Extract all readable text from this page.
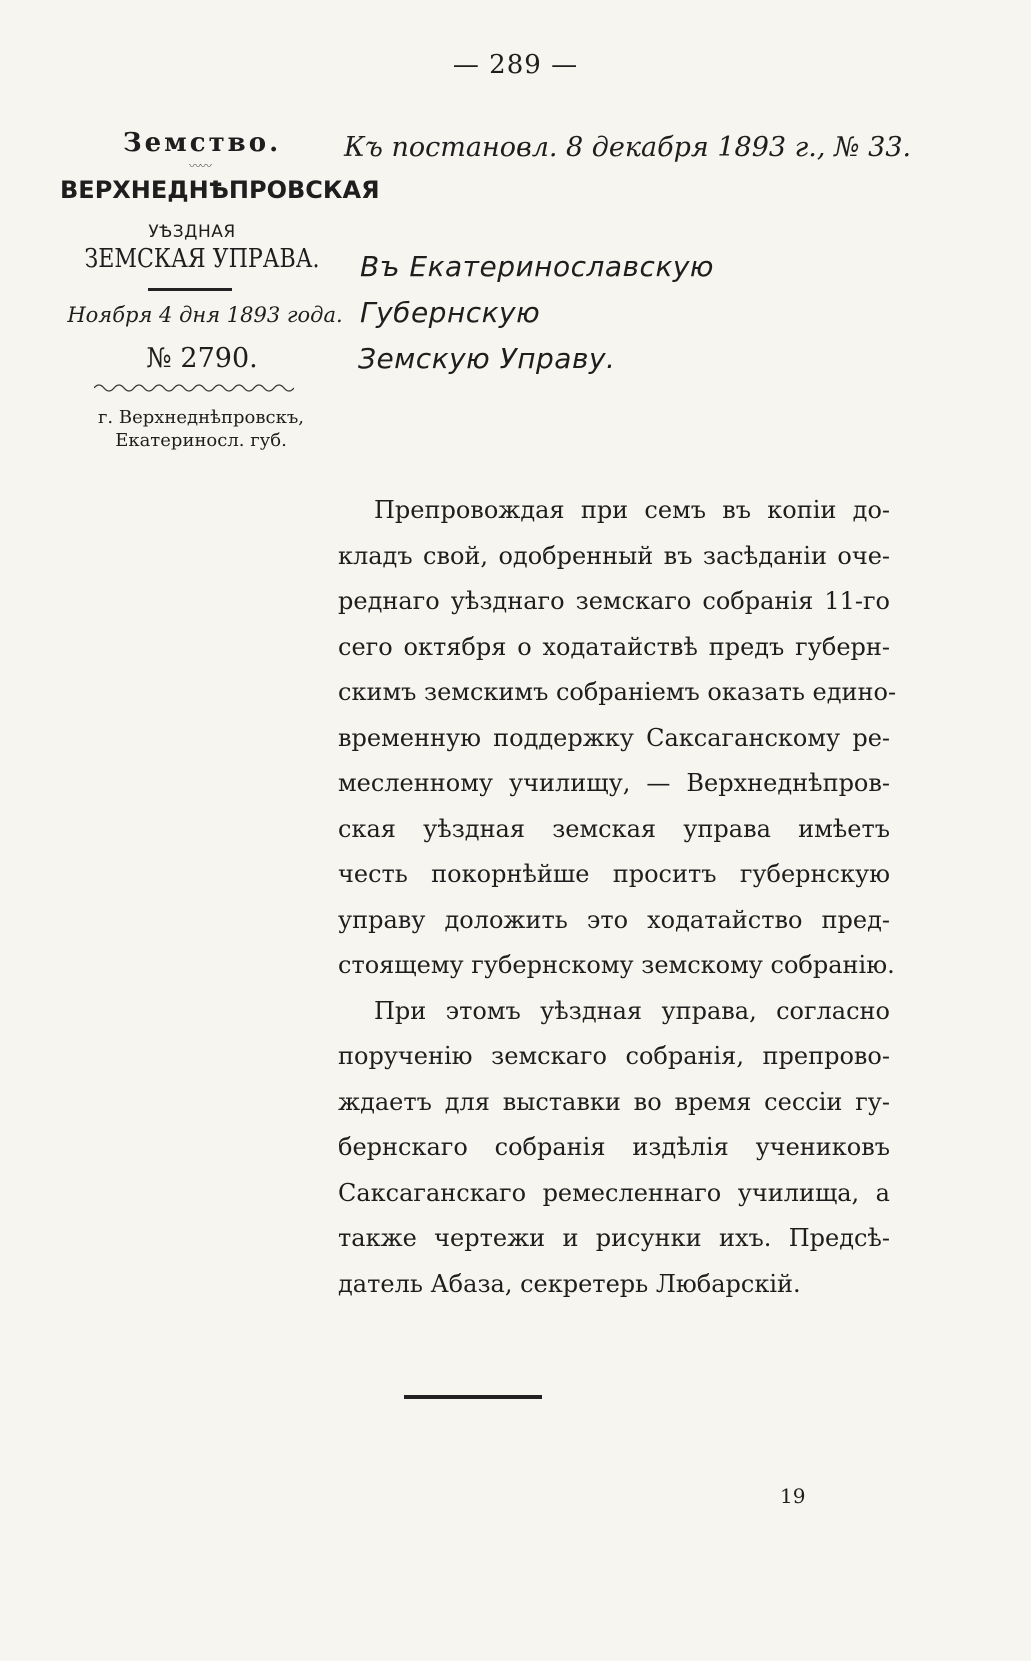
— 289 —
Земство.
〰〰
ВЕРХНЕДНѢПРОВСКАЯ
УѢЗДНАЯ
ЗЕМСКАЯ УПРАВА.
Ноября 4 дня 1893 года.
№ 2790.
г. Верхнеднѣпровскъ,
Екатериносл. губ.
Къ постановл. 8 декабря 1893 г., № 33.
Въ Екатеринославскую Губернскую
Земскую Управу.
Препровождая при семъ въ копіи до-
кладъ свой, одобренный въ засѣданіи оче-
реднаго уѣзднаго земскаго собранія 11-го
сего октября о ходатайствѣ предъ губерн-
скимъ земскимъ собраніемъ оказать едино-
временную поддержку Саксаганскому ре-
месленному училищу, — Верхнеднѣпров-
ская уѣздная земская управа имѣетъ
честь покорнѣйше проситъ губернскую
управу доложить это ходатайство пред-
стоящему губернскому земскому собранію.
При этомъ уѣздная управа, согласно
порученію земскаго собранія, препрово-
ждаетъ для выставки во время сессіи гу-
бернскаго собранія издѣлія учениковъ
Саксаганскаго ремесленнаго училища, а
также чертежи и рисунки ихъ. Предсѣ-
датель Абаза, секретерь Любарскій.
19
